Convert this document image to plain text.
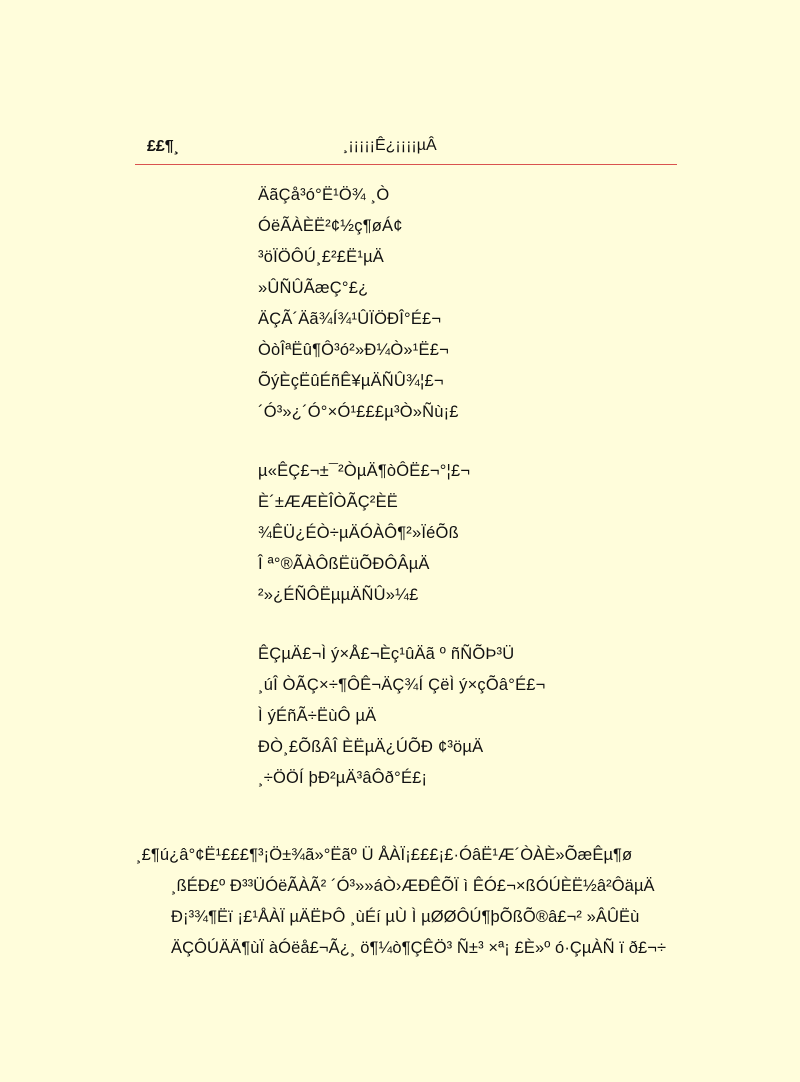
££¶¸	¸¡¡¡¡¡Ê¿¡¡¡¡µÂ
ÄãÇå³ó°Ë¹Ö¾ ¸Ò
ÓëÃÀÈË²¢½ç¶øÁ¢
³öÏÖÔÚ¸£²£Ë¹µÄ
»ÛÑÛÃæÇ°£¿
ÄÇÃ´Äã¾Í¾¹ÛÏÖÐÎ°É£¬
ÒòÎªËû¶Ô³ó²»Ð¼Ò»¹Ë£¬
ÕýÈçËûÉñÊ¥µÄÑÛ¾¦£¬
´Ó³»¿´Ó°×Ó¹£££µ³Ò»Ñù¡£
µ«ÊÇ£¬±¯²ÒµÄ¶òÔË£¬°¦£¬
È´±ÆÆÈÎÒÃÇ²ÈË
¾ÊÜ¿ÉÒ÷µÄÓÀÔ¶²»ÏéÕß
Î ª°®ÃÀÔßËüÕÐÔÂµÄ
²»¿ÉÑÔËµµÄÑÛ»¼£
ÊÇµÄ£¬Ì ý×Å£¬Èç¹ûÄã º ñÑÕÞ³Ü
¸úÎ ÒÃÇ×÷¶ÔÊ¬ÄÇ¾Í ÇëÌ ý×çÕâ°É£¬
Ì ýÉñÃ÷ËùÔ µÄ
ÐÒ¸£ÕßÂÎ ÈËµÄ¿ÚÕÐ ¢³öµÄ
¸÷ÖÖÍ þÐ²µÄ³âÔð°É£¡
¸£¶ú¿â°¢Ë¹£££¶³¡Ö±¾ã»°Ëãº Ü ÅÀÏ¡£££¡£·ÓâË¹Æ´ÒÀÈ»ÕæÊµ¶ø
¸ßÉÐ£º Ð³³ÜÓëÃÀÃ² ´Ó³»»áÒ›ÆÐÊÕÏ ì ÊÓ£¬×ßÓÚÈË½â²ÔäµÄ
Ð¡³¾¶Ëï ¡£¹ÅÀÏ µÄËÞÔ ¸ùÉí µÙ Ì µØØÔÚ¶þÕßÕ®â£¬² »ÂÛËù
ÄÇÔÚÄÄ¶ùÏ àÓëå£¬Ã¿¸ ö¶¼ò¶ÇÊÖ³ Ñ±³ ×ª¡ £È»º ó·ÇµÀÑ ï ð£¬÷
